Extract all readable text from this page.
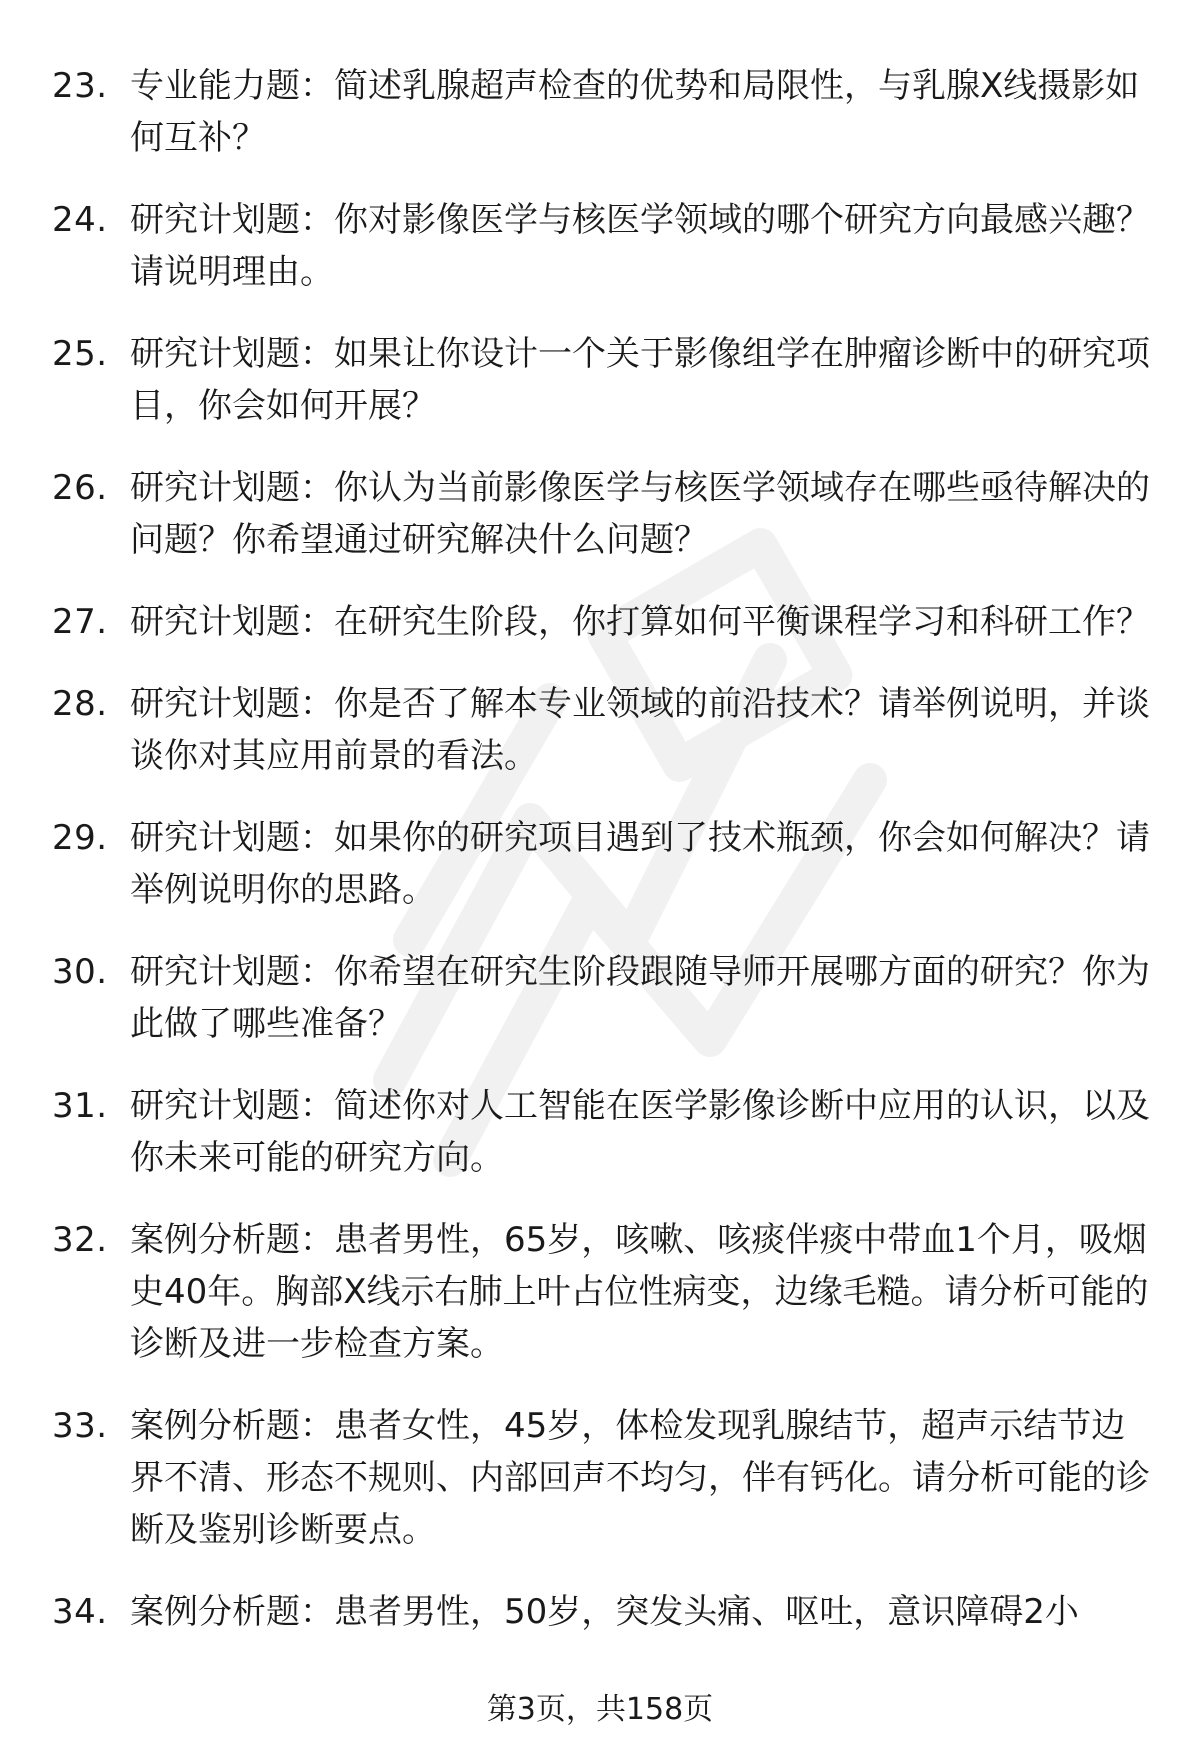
23. 专业能力题：简述乳腺超声检查的优势和局限性，与乳腺X线摄影如何互补？
24. 研究计划题：你对影像医学与核医学领域的哪个研究方向最感兴趣？请说明理由。
25. 研究计划题：如果让你设计一个关于影像组学在肿瘤诊断中的研究项目，你会如何开展？
26. 研究计划题：你认为当前影像医学与核医学领域存在哪些亟待解决的问题？你希望通过研究解决什么问题？
27. 研究计划题：在研究生阶段，你打算如何平衡课程学习和科研工作？
28. 研究计划题：你是否了解本专业领域的前沿技术？请举例说明，并谈谈你对其应用前景的看法。
29. 研究计划题：如果你的研究项目遇到了技术瓶颈，你会如何解决？请举例说明你的思路。
30. 研究计划题：你希望在研究生阶段跟随导师开展哪方面的研究？你为此做了哪些准备？
31. 研究计划题：简述你对人工智能在医学影像诊断中应用的认识，以及你未来可能的研究方向。
32. 案例分析题：患者男性，65岁，咳嗽、咳痰伴痰中带血1个月，吸烟史40年。胸部X线示右肺上叶占位性病变，边缘毛糙。请分析可能的诊断及进一步检查方案。
33. 案例分析题：患者女性，45岁，体检发现乳腺结节，超声示结节边界不清、形态不规则、内部回声不均匀，伴有钙化。请分析可能的诊断及鉴别诊断要点。
34. 案例分析题：患者男性，50岁，突发头痛、呕吐，意识障碍2小
第3页，共158页
